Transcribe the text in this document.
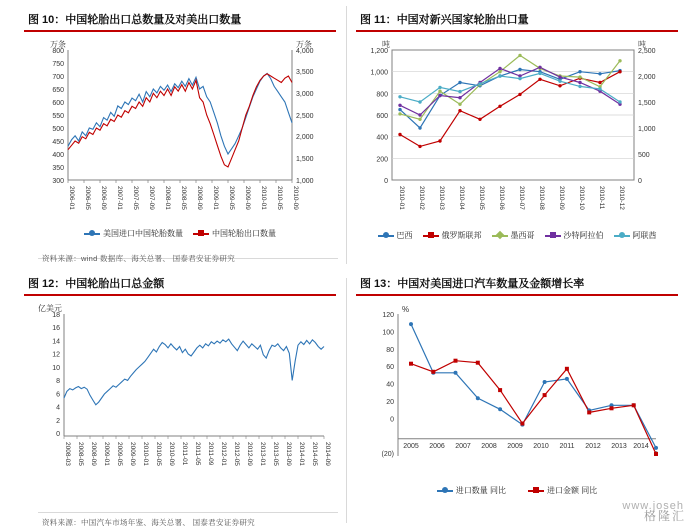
图 10：中国轮胎出口总数量及对美出口数量
万条	万条
800
750
700
650
600
550
500
450
400
350
300
4,000
3,500
3,000
2,500
2,000
1,500
1,000
2006-01 2006-05 2006-09 2007-01 2007-05 2007-09 2008-01 2008-05 2008-09 2009-01 2009-05 2009-09 2010-01 2010-05 2010-09
美国进口中国轮胎数量	中国轮胎出口数量
资料来源：wind 数据库、海关总署、 国泰君安证券研究
图 11：中国对新兴国家轮胎出口量
吨	吨
1,200
1,000
800
600
400
200
0
2,500
2,000
1,500
1,000
500
0
2010-01 2010-02 2010-03 2010-04 2010-05 2010-06 2010-07 2010-08 2010-09 2010-10 2010-11 2010-12
巴西	俄罗斯联邦	墨西哥	沙特阿拉伯	阿联酋
图 12：中国轮胎出口总金额
亿美元
18
16
14
12
10
8
6
4
2
0
2008-03 2008-05 2008-09 2009-01 2009-05 2009-09 2010-01 2010-05 2010-09 2011-01 2011-05 2011-09 2012-01 2012-05 2012-09 2013-01 2013-05 2013-09 2014-01 2014-05 2014-09
资料来源：中国汽车市场年鉴、海关总署、 国泰君安证券研究
图 13：中国对美国进口汽车数量及金额增长率
%
120
100
80
60
40
20
0
(20)
2005 2006 2007 2008 2009 2010 2011 2012 2013 2014
进口数量 同比	进口金额 同比
www.joseh
格隆汇
